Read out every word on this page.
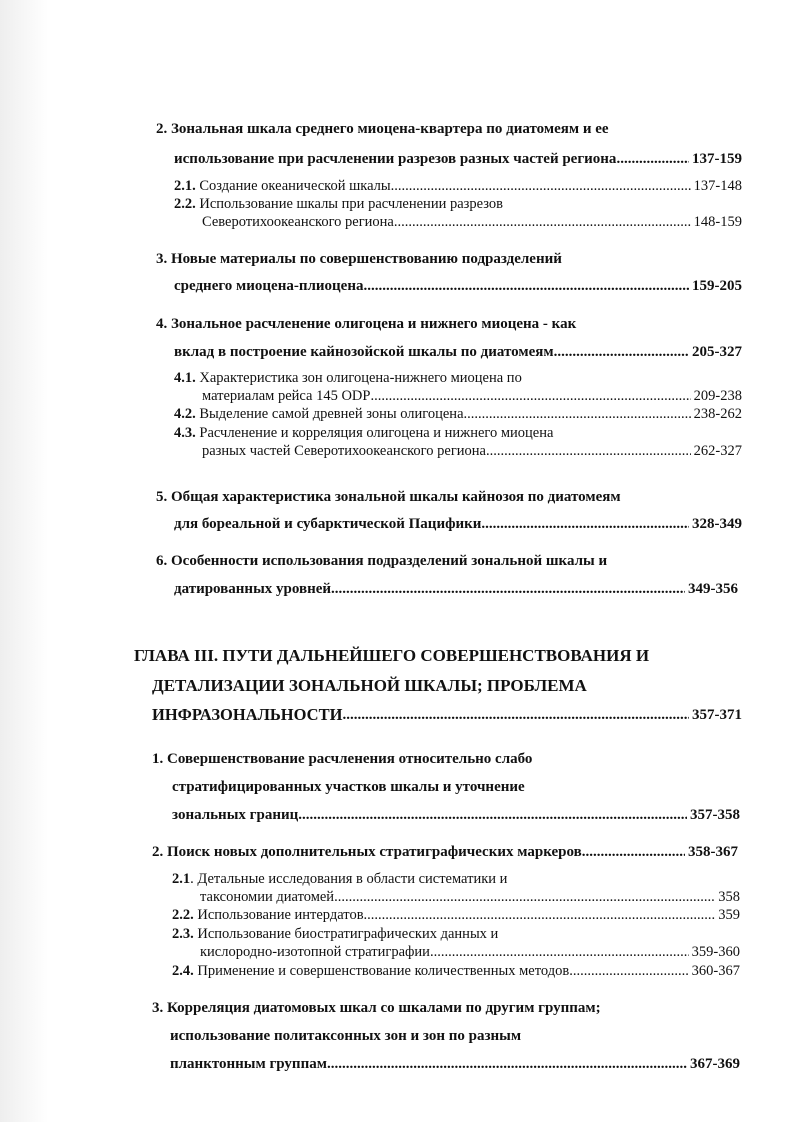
2. Зональная шкала среднего миоцена-квартера по диатомеям и ее
использование при расчленении разрезов разных частей региона .....	137-159
2.1.
Создание океанической шкалы .....	137-148
2.2. Использование шкалы при расчленении разрезов
Северотихоокеанского региона .....	148-159
3. Новые материалы по совершенствованию подразделений
среднего миоцена-плиоцена .....	159-205
4. Зональное расчленение олигоцена и нижнего миоцена - как
вклад в построение кайнозойской шкалы по диатомеям .....	205-327
4.1. Характеристика зон олигоцена-нижнего миоцена по
материалам рейса 145 ODP .....	209-238
4.2.
Выделение самой древней зоны олигоцена .....	238-262
4.3. Расчленение и корреляция олигоцена и нижнего миоцена
разных частей Северотихоокеанского региона .....	262-327
5. Общая характеристика зональной шкалы кайнозоя по диатомеям
для бореальной и субарктической Пацифики .....	328-349
6. Особенности использования подразделений зональной шкалы и
датированных уровней .....	349-356
ГЛАВА III. ПУТИ ДАЛЬНЕЙШЕГО СОВЕРШЕНСТВОВАНИЯ И
ДЕТАЛИЗАЦИИ ЗОНАЛЬНОЙ ШКАЛЫ; ПРОБЛЕМА
ИНФРАЗОНАЛЬНОСТИ .....	357-371
1. Совершенствование расчленения относительно слабо
стратифицированных участков шкалы и уточнение
зональных границ .....	357-358
2.
Поиск новых дополнительных стратиграфических маркеров .....	358-367
2.1. Детальные исследования в области систематики и
таксономии диатомей .....	358
2.2.
Использование интердатов .....	359
2.3. Использование биостратиграфических данных и
кислородно-изотопной стратиграфии .....	359-360
2.4.
Применение и совершенствование количественных методов .....	360-367
3. Корреляция диатомовых шкал со шкалами по другим группам;
использование политаксонных зон и зон по разным
планктонным группам .....	367-369
